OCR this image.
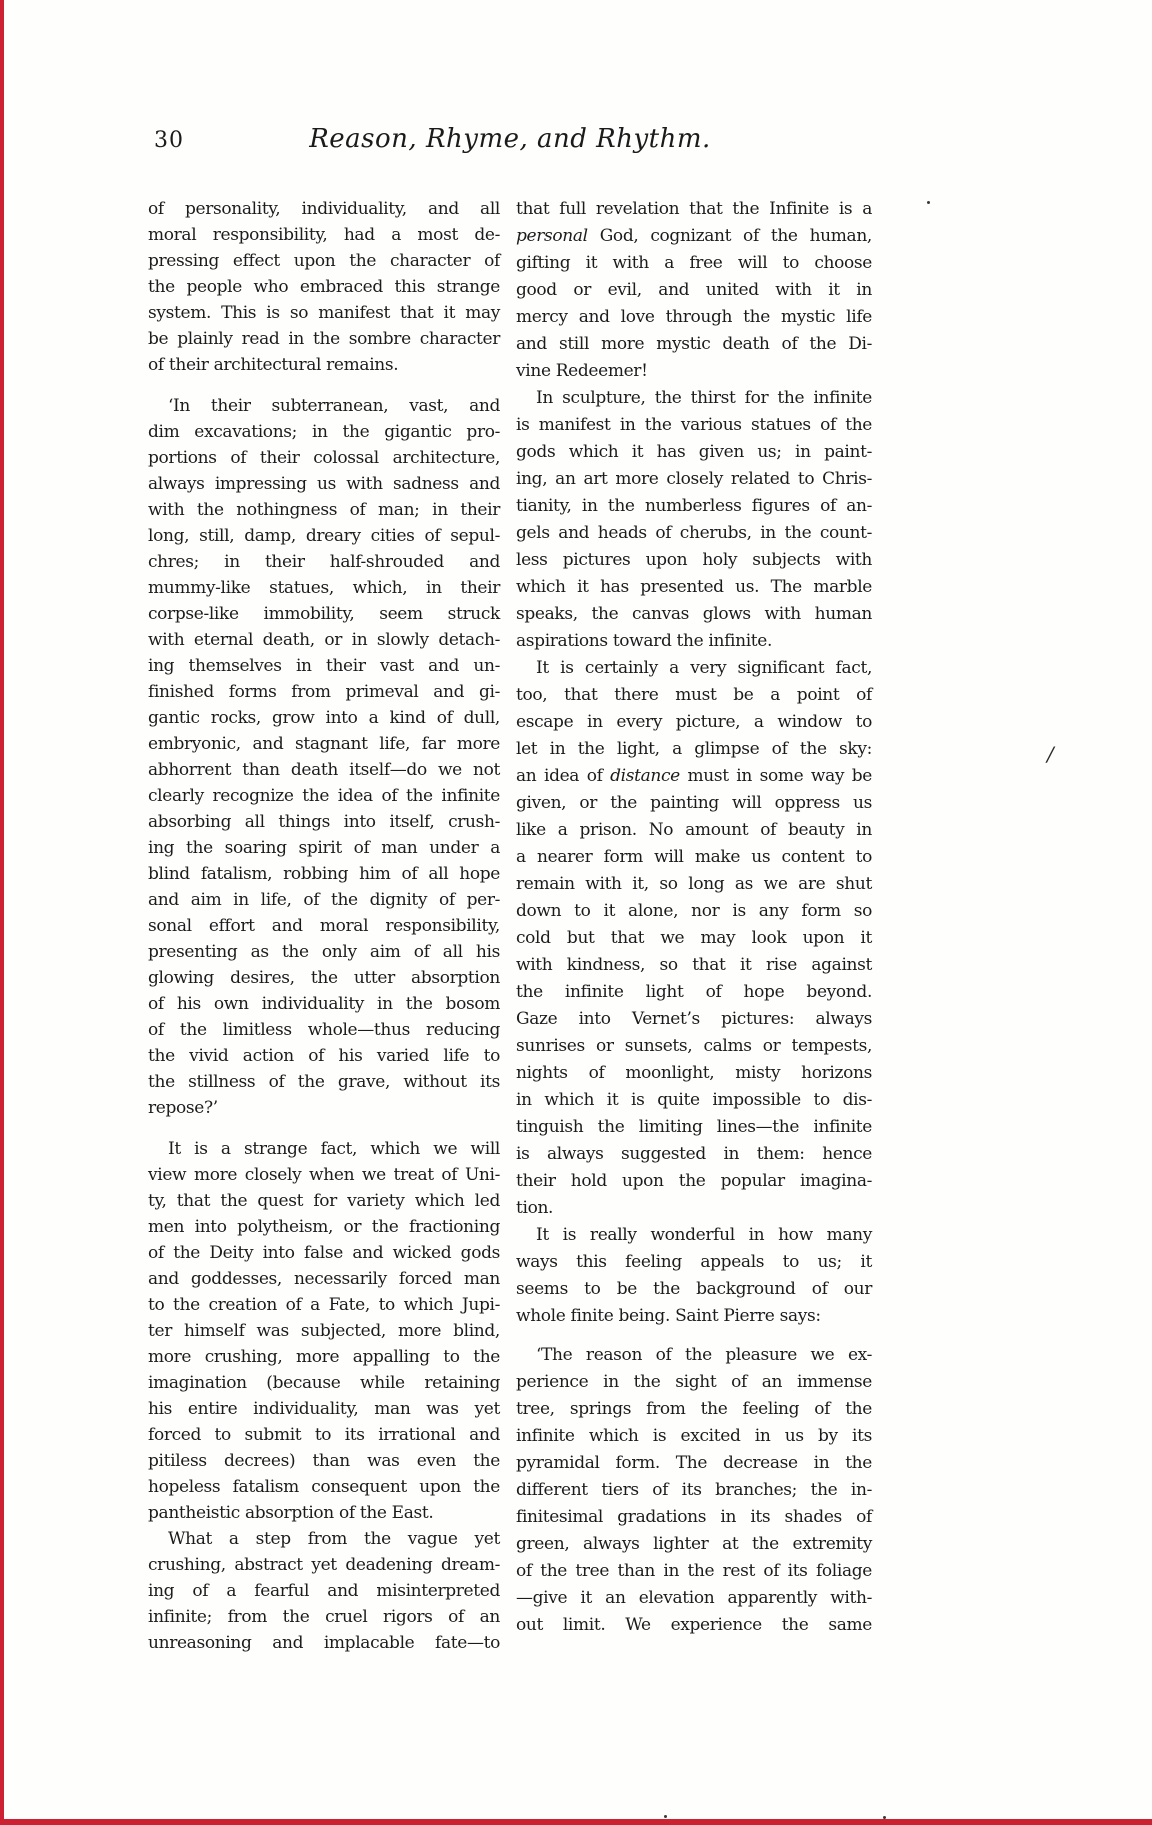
30	Reason, Rhyme, and Rhythm.
of personality, individuality, and all
moral responsibility, had a most de-
pressing effect upon the character of
the people who embraced this strange
system. This is so manifest that it may
be plainly read in the sombre character
of their architectural remains.
‘In their subterranean, vast, and
dim excavations; in the gigantic pro-
portions of their colossal architecture,
always impressing us with sadness and
with the nothingness of man; in their
long, still, damp, dreary cities of sepul-
chres; in their half-shrouded and
mummy-like statues, which, in their
corpse-like immobility, seem struck
with eternal death, or in slowly detach-
ing themselves in their vast and un-
finished forms from primeval and gi-
gantic rocks, grow into a kind of dull,
embryonic, and stagnant life, far more
abhorrent than death itself—do we not
clearly recognize the idea of the infinite
absorbing all things into itself, crush-
ing the soaring spirit of man under a
blind fatalism, robbing him of all hope
and aim in life, of the dignity of per-
sonal effort and moral responsibility,
presenting as the only aim of all his
glowing desires, the utter absorption
of his own individuality in the bosom
of the limitless whole—thus reducing
the vivid action of his varied life to
the stillness of the grave, without its
repose?’
It is a strange fact, which we will
view more closely when we treat of Uni-
ty, that the quest for variety which led
men into polytheism, or the fractioning
of the Deity into false and wicked gods
and goddesses, necessarily forced man
to the creation of a Fate, to which Jupi-
ter himself was subjected, more blind,
more crushing, more appalling to the
imagination (because while retaining
his entire individuality, man was yet
forced to submit to its irrational and
pitiless decrees) than was even the
hopeless fatalism consequent upon the
pantheistic absorption of the East.
What a step from the vague yet
crushing, abstract yet deadening dream-
ing of a fearful and misinterpreted
infinite; from the cruel rigors of an
unreasoning and implacable fate—to
that full revelation that the Infinite is a
personal God, cognizant of the human,
gifting it with a free will to choose
good or evil, and united with it in
mercy and love through the mystic life
and still more mystic death of the Di-
vine Redeemer!
In sculpture, the thirst for the infinite
is manifest in the various statues of the
gods which it has given us; in paint-
ing, an art more closely related to Chris-
tianity, in the numberless figures of an-
gels and heads of cherubs, in the count-
less pictures upon holy subjects with
which it has presented us. The marble
speaks, the canvas glows with human
aspirations toward the infinite.
It is certainly a very significant fact,
too, that there must be a point of
escape in every picture, a window to
let in the light, a glimpse of the sky:
an idea of distance must in some way be
given, or the painting will oppress us
like a prison. No amount of beauty in
a nearer form will make us content to
remain with it, so long as we are shut
down to it alone, nor is any form so
cold but that we may look upon it
with kindness, so that it rise against
the infinite light of hope beyond.
Gaze into Vernet’s pictures: always
sunrises or sunsets, calms or tempests,
nights of moonlight, misty horizons
in which it is quite impossible to dis-
tinguish the limiting lines—the infinite
is always suggested in them: hence
their hold upon the popular imagina-
tion.
It is really wonderful in how many
ways this feeling appeals to us; it
seems to be the background of our
whole finite being. Saint Pierre says:
‘The reason of the pleasure we ex-
perience in the sight of an immense
tree, springs from the feeling of the
infinite which is excited in us by its
pyramidal form. The decrease in the
different tiers of its branches; the in-
finitesimal gradations in its shades of
green, always lighter at the extremity
of the tree than in the rest of its foliage
—give it an elevation apparently with-
out limit. We experience the same
/
